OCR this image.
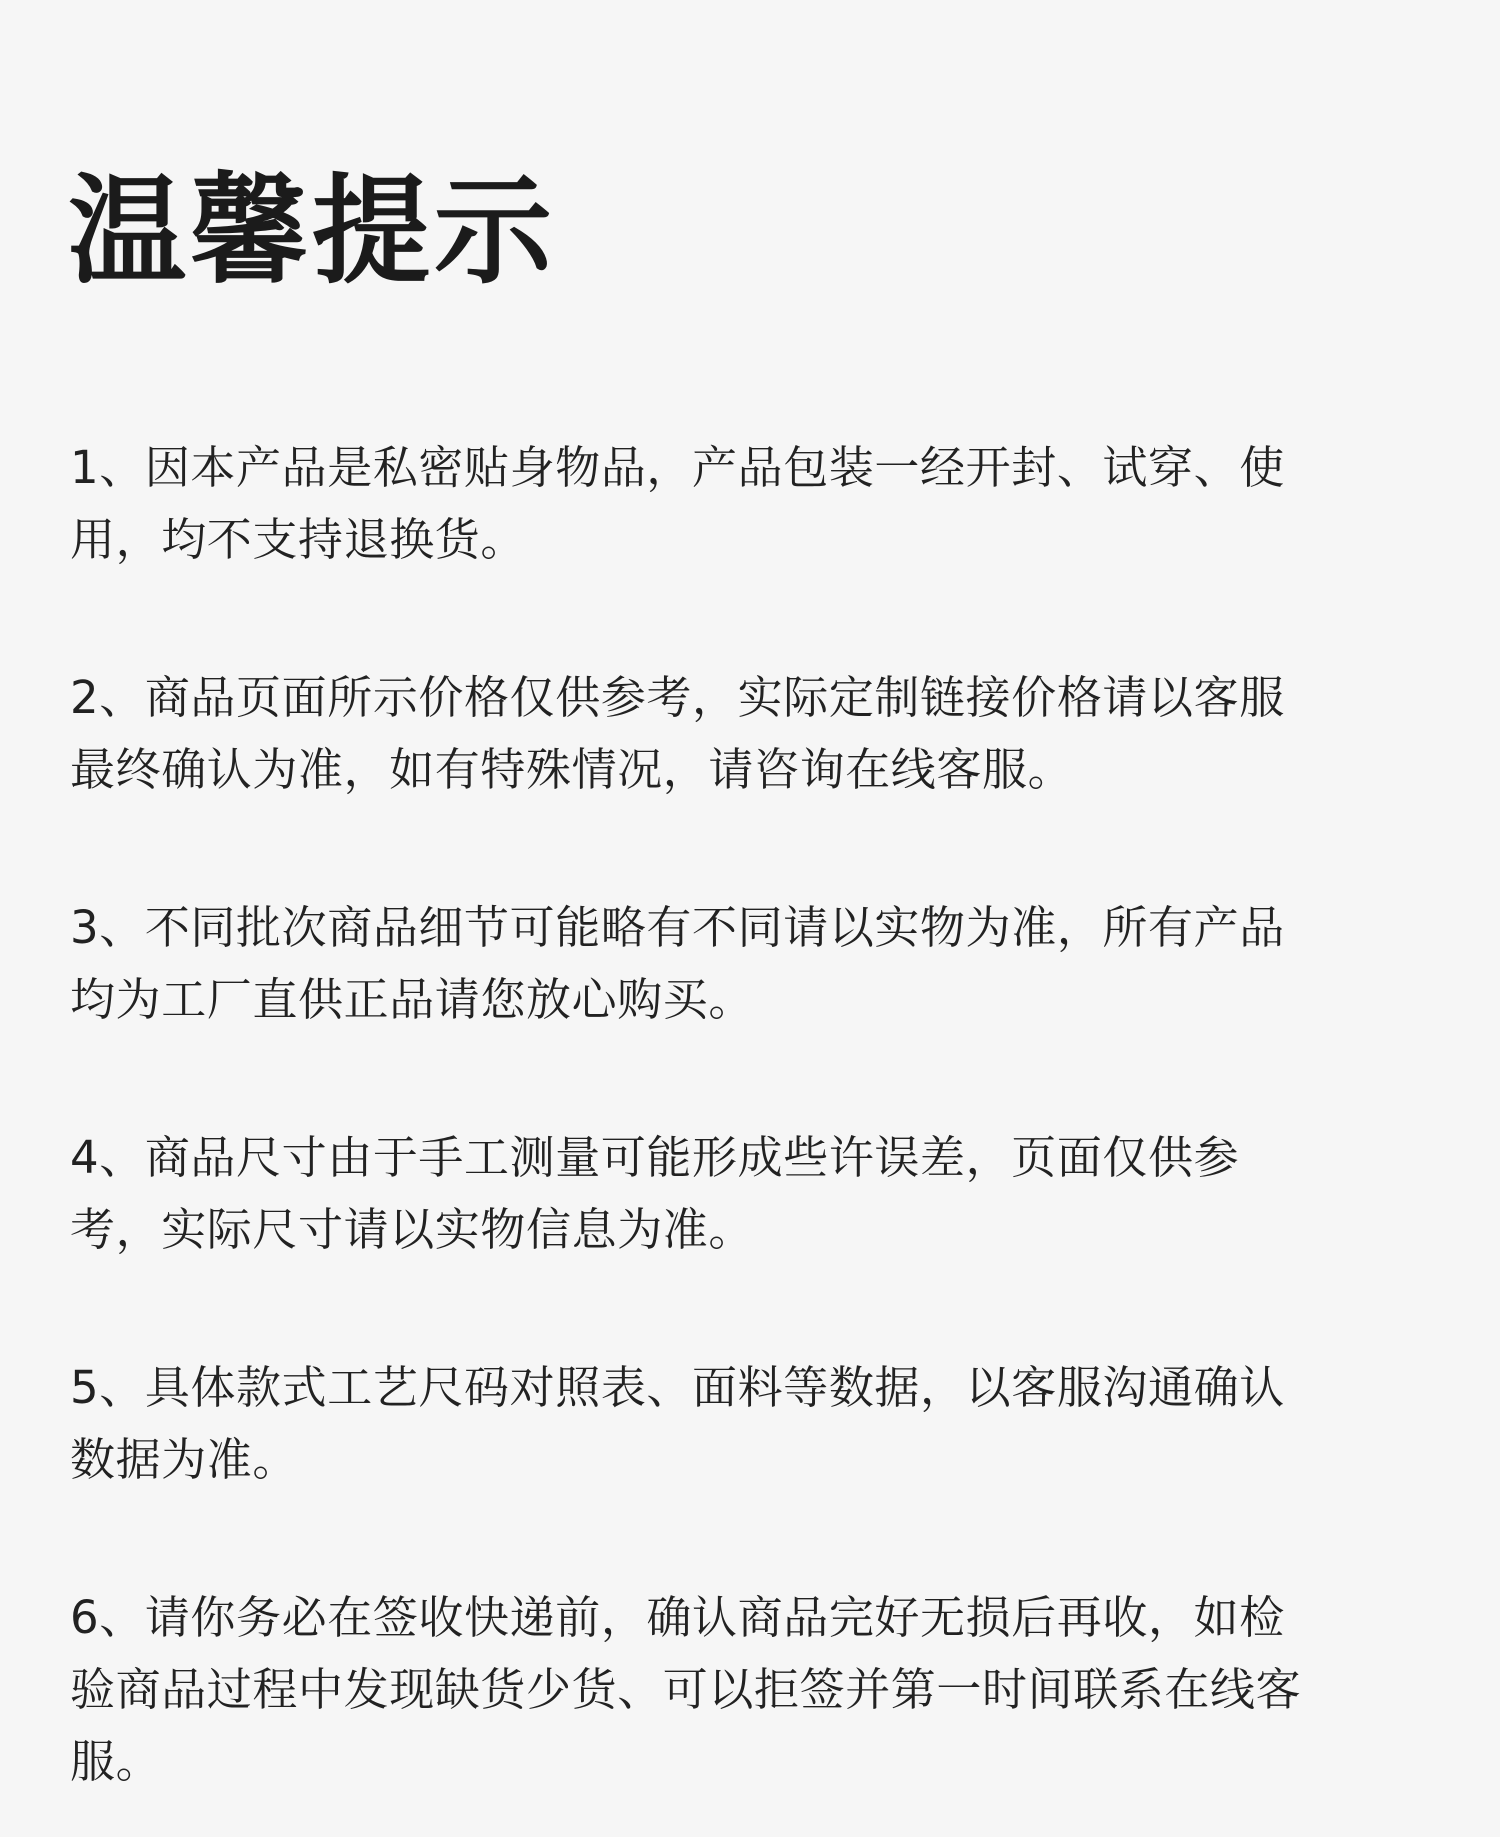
温馨提示
1、因本产品是私密贴身物品，产品包装一经开封、试穿、使用，均不支持退换货。
2、商品页面所示价格仅供参考，实际定制链接价格请以客服最终确认为准，如有特殊情况，请咨询在线客服。
3、不同批次商品细节可能略有不同请以实物为准，所有产品均为工厂直供正品请您放心购买。
4、商品尺寸由于手工测量可能形成些许误差，页面仅供参考，实际尺寸请以实物信息为准。
5、具体款式工艺尺码对照表、面料等数据，以客服沟通确认数据为准。
6、请你务必在签收快递前，确认商品完好无损后再收，如检验商品过程中发现缺货少货、可以拒签并第一时间联系在线客服。
